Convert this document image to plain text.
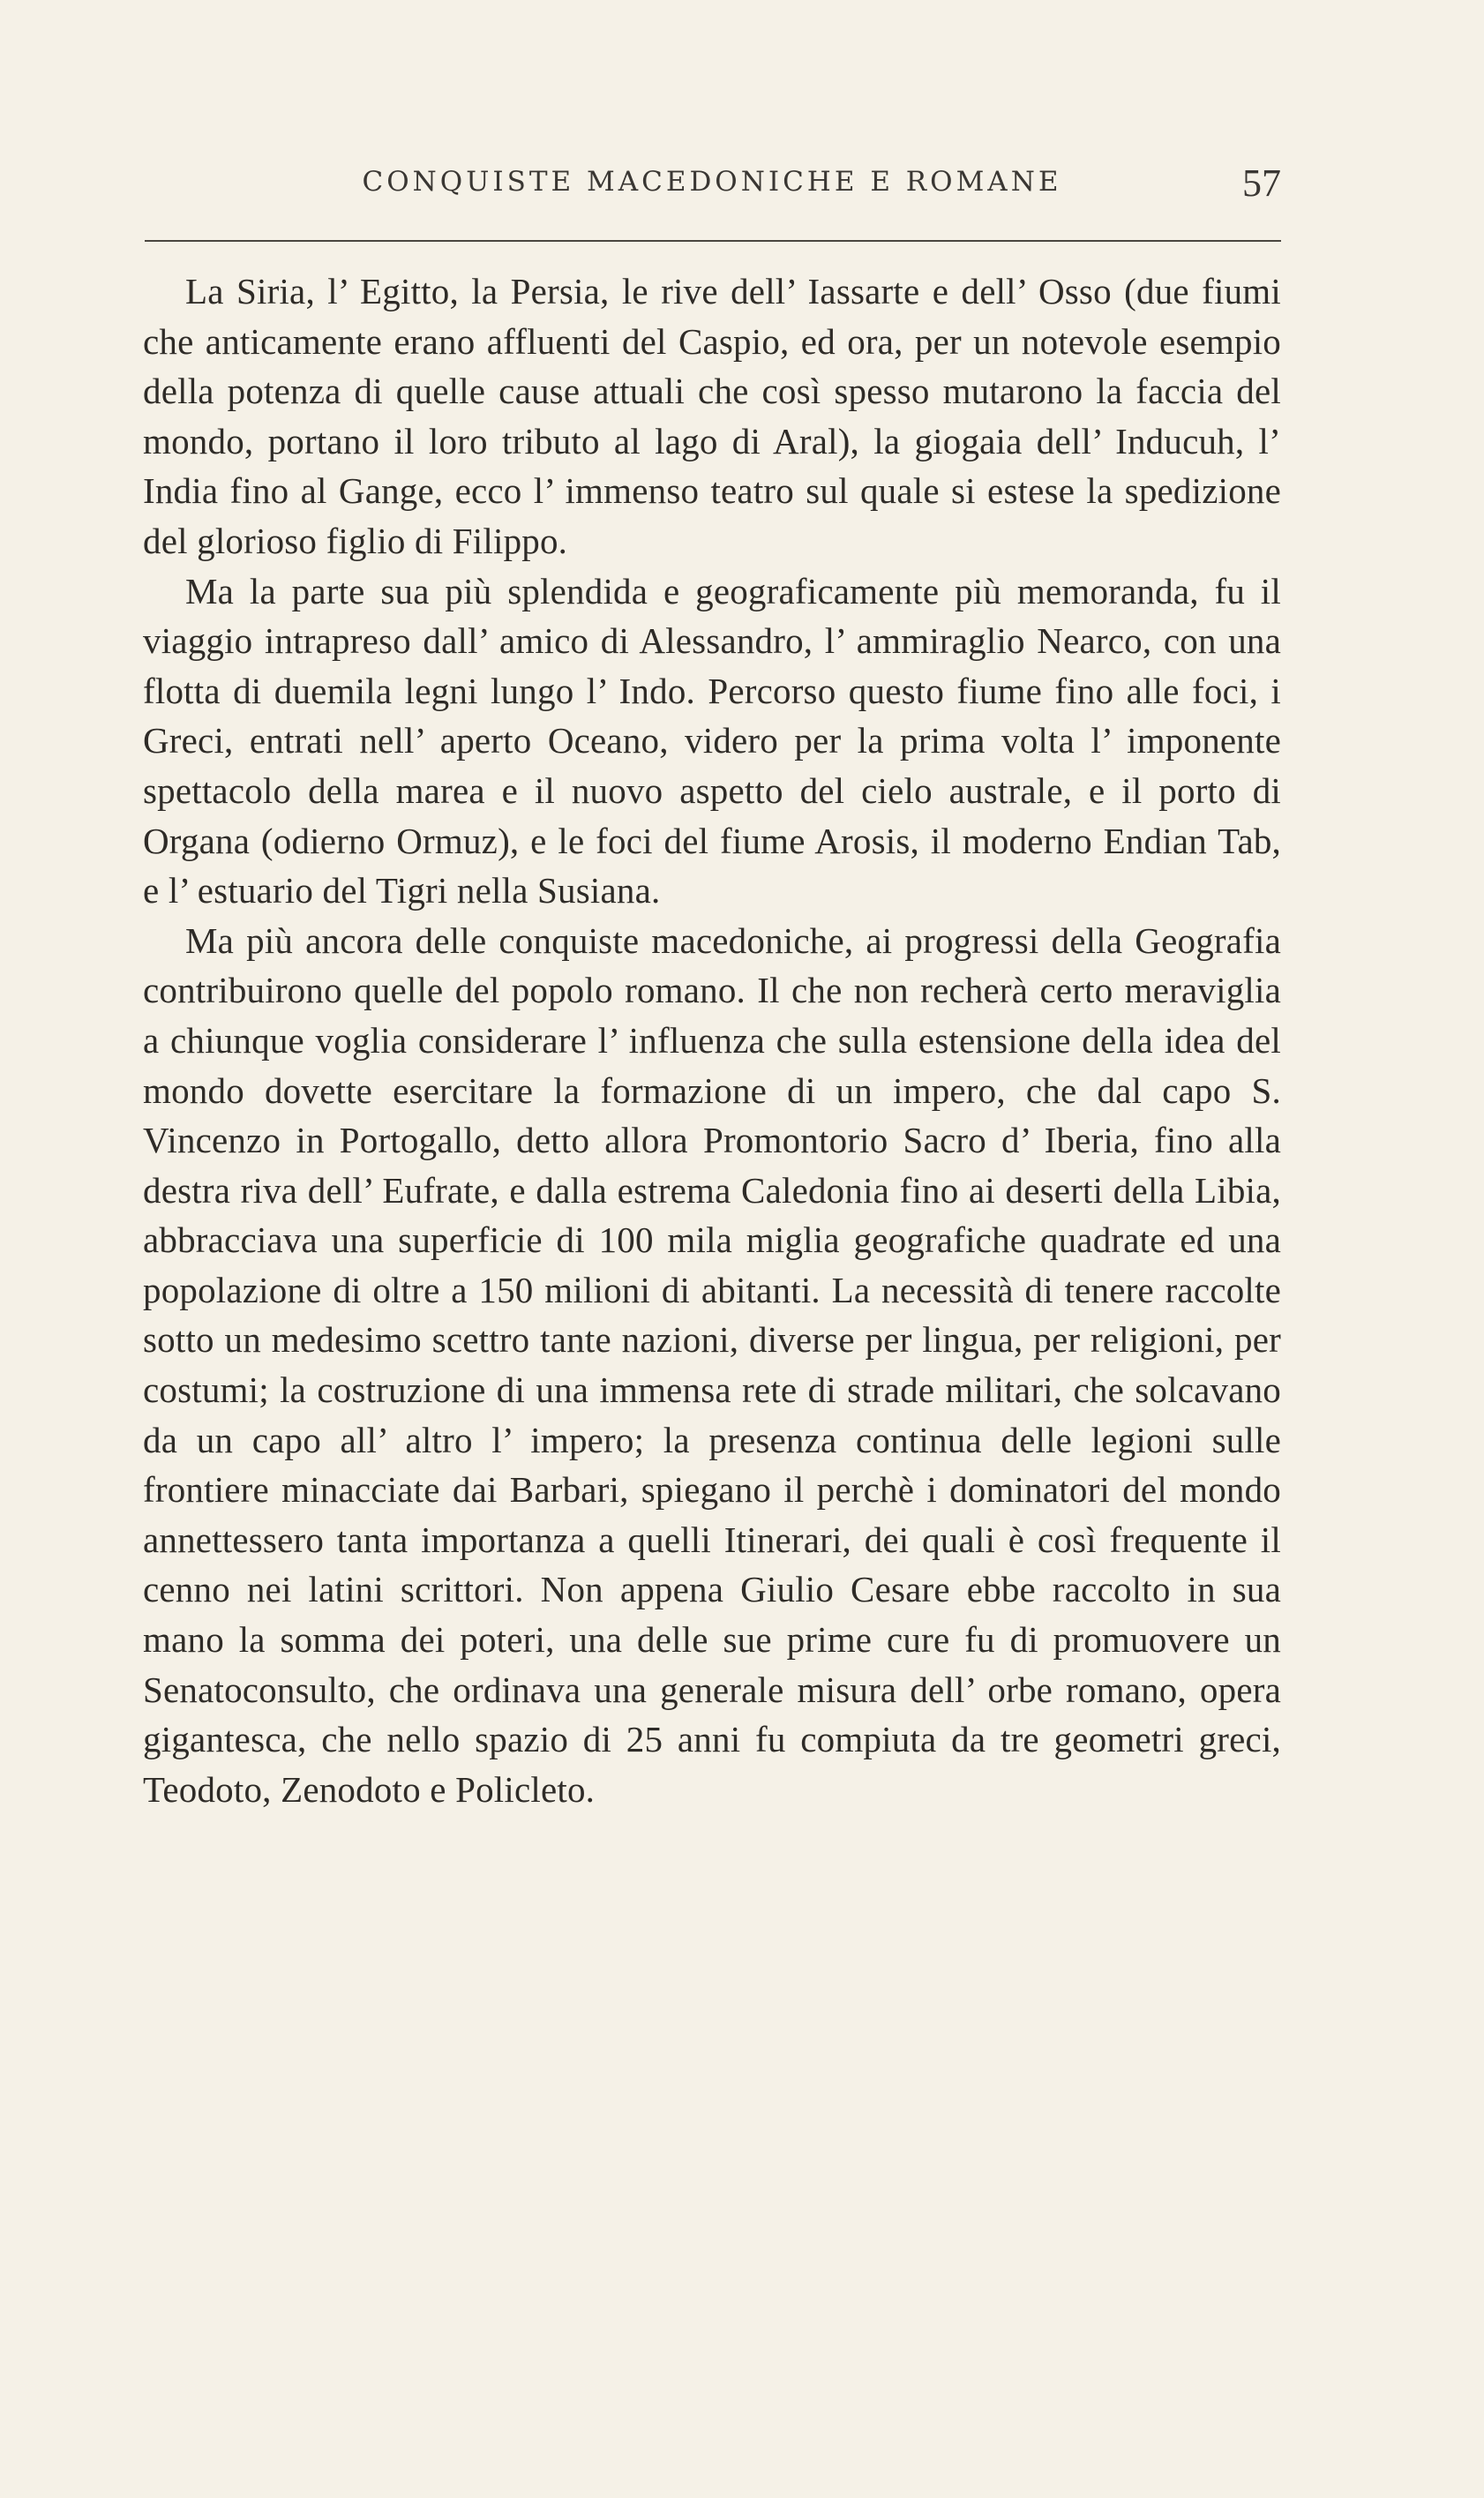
CONQUISTE MACEDONICHE E ROMANE	57

La Siria, l’ Egitto, la Persia, le rive dell’ Iassarte e dell’ Osso (due fiumi che anticamente erano affluenti del Caspio, ed ora, per un notevole esempio della potenza di quelle cause attuali che così spesso mutarono la faccia del mondo, portano il loro tributo al lago di Aral), la giogaia dell’ Inducuh, l’ India fino al Gange, ecco l’ immenso teatro sul quale si estese la spedizione del glorioso figlio di Filippo.

Ma la parte sua più splendida e geograficamente più memoranda, fu il viaggio intrapreso dall’ amico di Alessandro, l’ ammiraglio Nearco, con una flotta di duemila legni lungo l’ Indo. Percorso questo fiume fino alle foci, i Greci, entrati nell’ aperto Oceano, videro per la prima volta l’ imponente spettacolo della marea e il nuovo aspetto del cielo australe, e il porto di Organa (odierno Ormuz), e le foci del fiume Arosis, il moderno Endian Tab, e l’ estuario del Tigri nella Susiana.

Ma più ancora delle conquiste macedoniche, ai progressi della Geografia contribuirono quelle del popolo romano. Il che non recherà certo meraviglia a chiunque voglia considerare l’ influenza che sulla estensione della idea del mondo dovette esercitare la formazione di un impero, che dal capo S. Vincenzo in Portogallo, detto allora Promontorio Sacro d’ Iberia, fino alla destra riva dell’ Eufrate, e dalla estrema Caledonia fino ai deserti della Libia, abbracciava una superficie di 100 mila miglia geografiche quadrate ed una popolazione di oltre a 150 milioni di abitanti. La necessità di tenere raccolte sotto un medesimo scettro tante nazioni, diverse per lingua, per religioni, per costumi; la costruzione di una immensa rete di strade militari, che solcavano da un capo all’ altro l’ impero; la presenza continua delle legioni sulle frontiere minacciate dai Barbari, spiegano il perchè i dominatori del mondo annettessero tanta importanza a quelli Itinerari, dei quali è così frequente il cenno nei latini scrittori. Non appena Giulio Cesare ebbe raccolto in sua mano la somma dei poteri, una delle sue prime cure fu di promuovere un Senatoconsulto, che ordinava una generale misura dell’ orbe romano, opera gigantesca, che nello spazio di 25 anni fu compiuta da tre geometri greci, Teodoto, Zenodoto e Policleto.
